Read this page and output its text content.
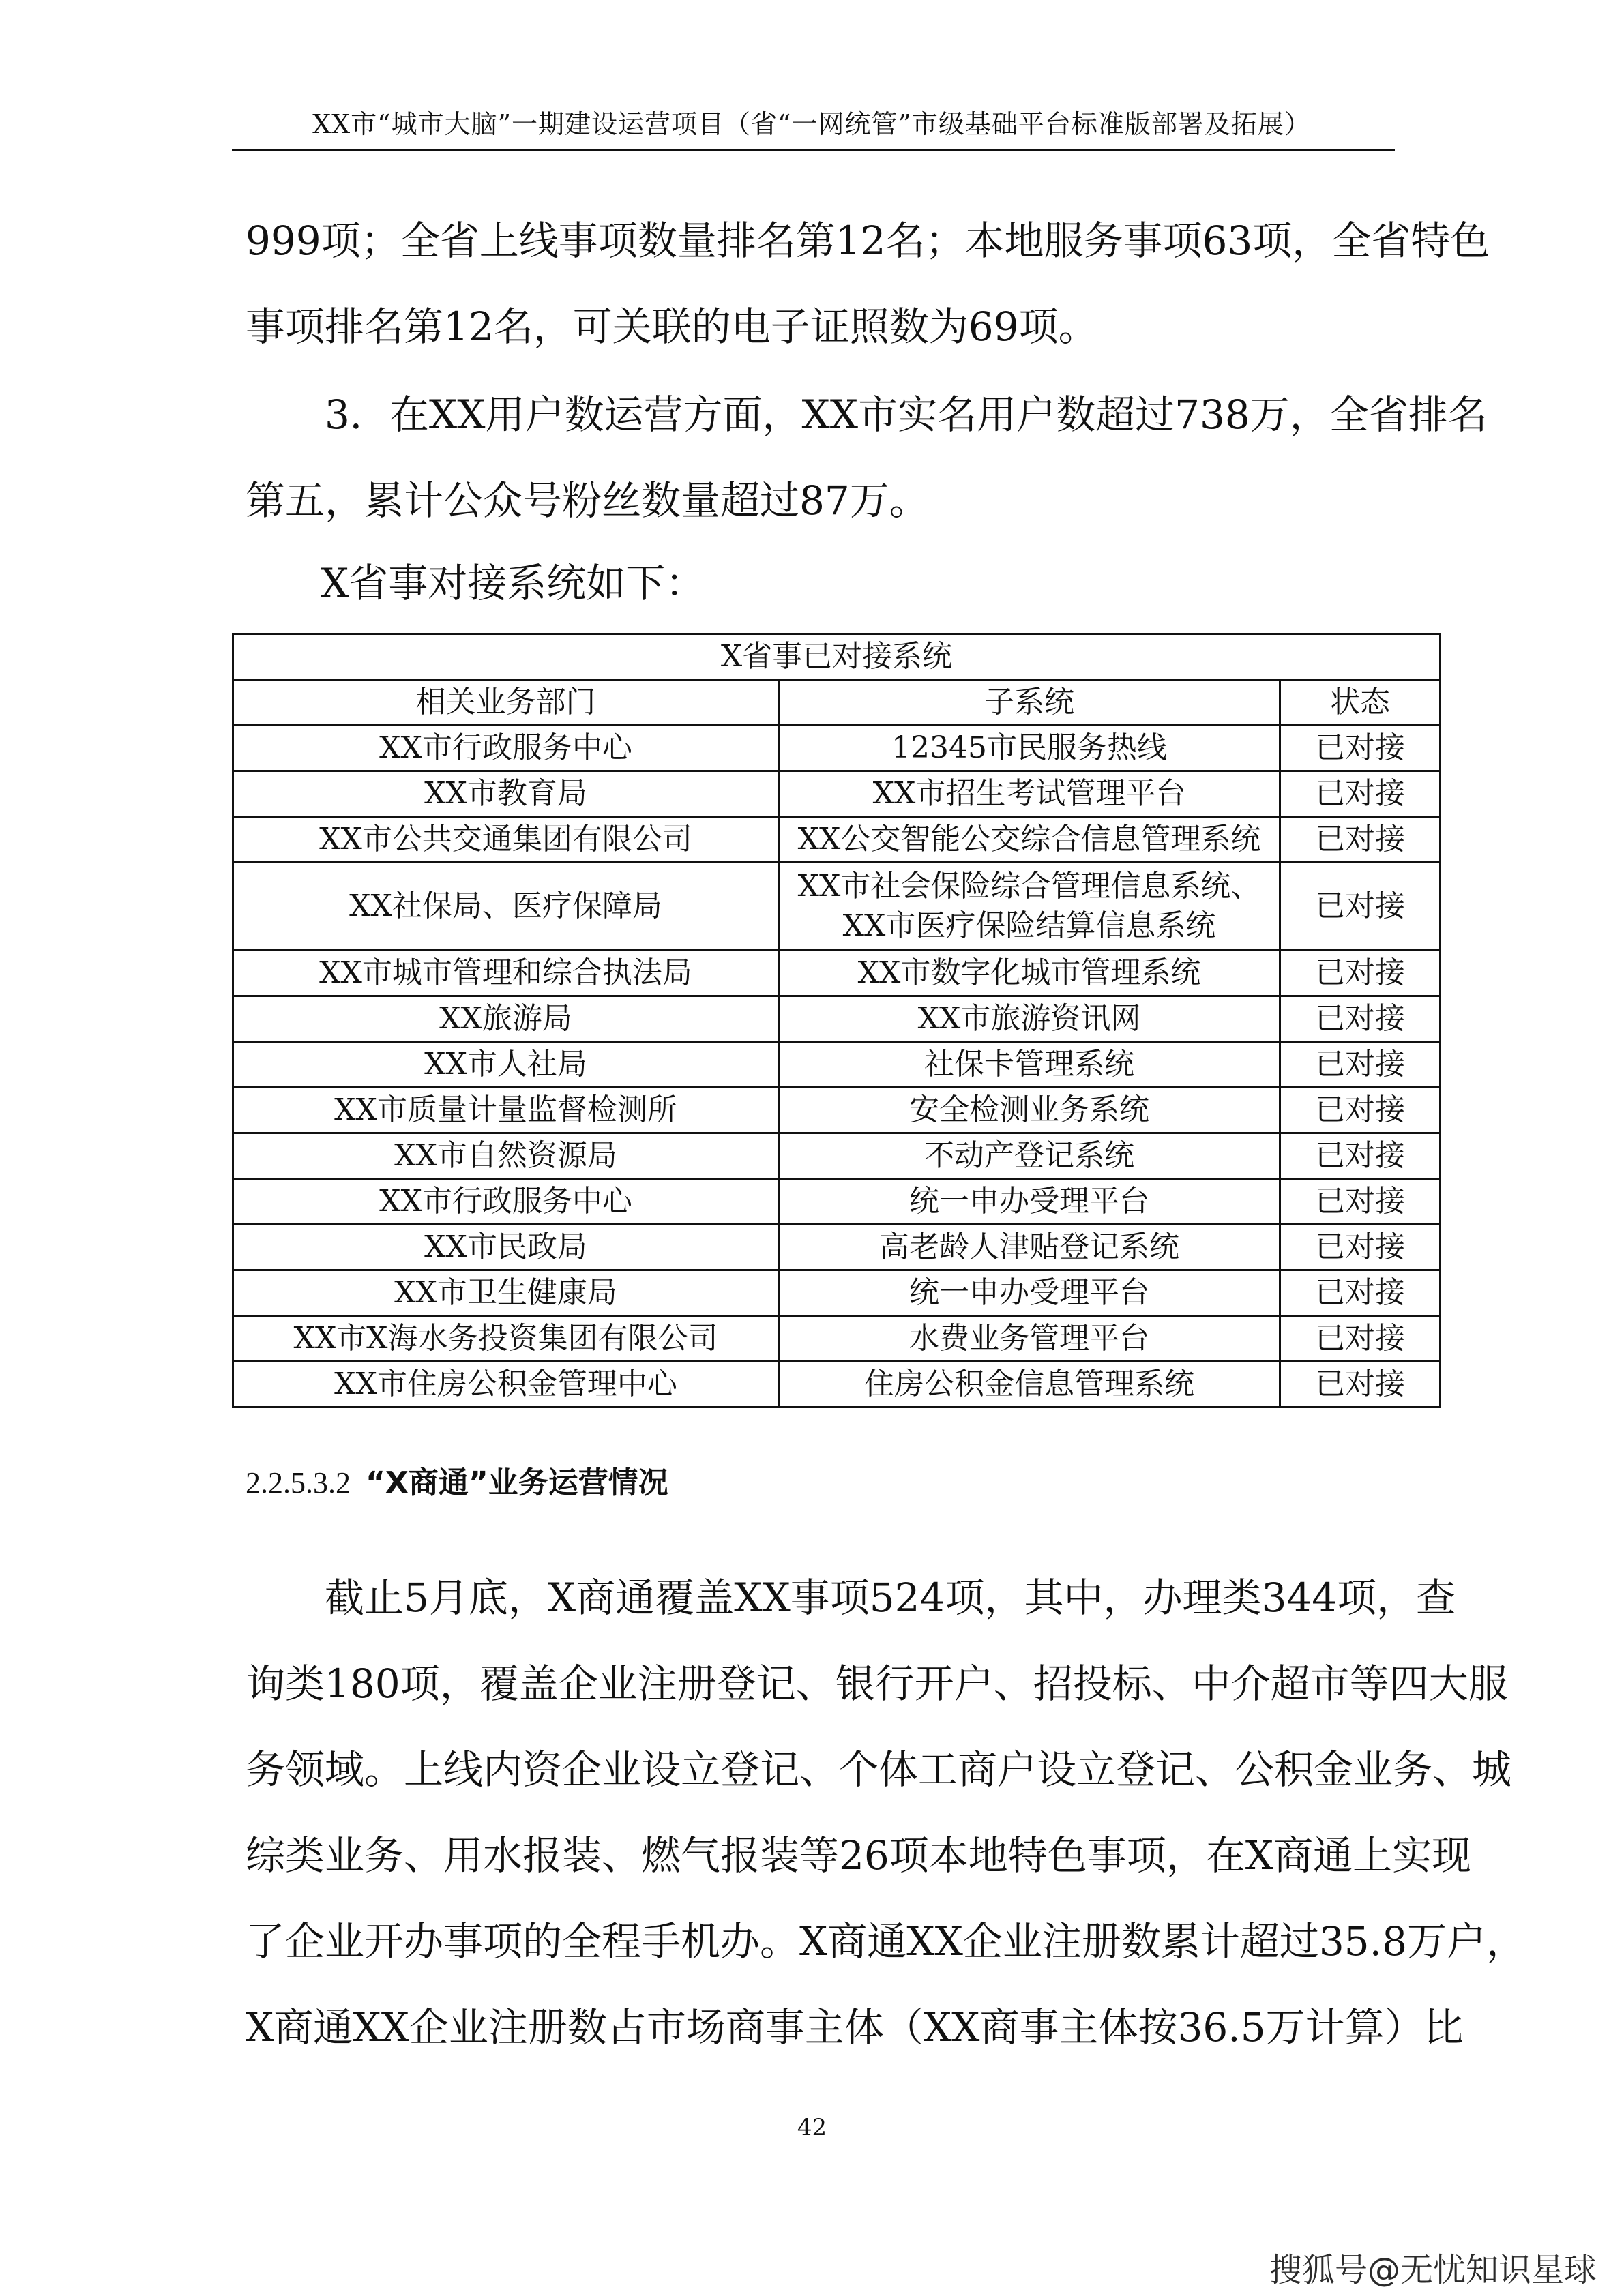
XX市“城市大脑”一期建设运营项目（省“一网统管”市级基础平台标准版部署及拓展）
999项；全省上线事项数量排名第12名；本地服务事项63项，全省特色
事项排名第12名，可关联的电子证照数为69项。
3．在XX用户数运营方面，XX市实名用户数超过738万，全省排名
第五，累计公众号粉丝数量超过87万。
X省事对接系统如下：
X省事已对接系统		
相关业务部门	子系统	状态
XX市行政服务中心	12345市民服务热线	已对接
XX市教育局	XX市招生考试管理平台	已对接
XX市公共交通集团有限公司	XX公交智能公交综合信息管理系统	已对接
XX社保局、医疗保障局	XX市社会保险综合管理信息系统、
XX市医疗保险结算信息系统	已对接
XX市城市管理和综合执法局	XX市数字化城市管理系统	已对接
XX旅游局	XX市旅游资讯网	已对接
XX市人社局	社保卡管理系统	已对接
XX市质量计量监督检测所	安全检测业务系统	已对接
XX市自然资源局	不动产登记系统	已对接
XX市行政服务中心	统一申办受理平台	已对接
XX市民政局	高老龄人津贴登记系统	已对接
XX市卫生健康局	统一申办受理平台	已对接
XX市X海水务投资集团有限公司	水费业务管理平台	已对接
XX市住房公积金管理中心	住房公积金信息管理系统	已对接
2.2.5.3.2 “X商通”业务运营情况
截止5月底，X商通覆盖XX事项524项，其中，办理类344项，查
询类180项，覆盖企业注册登记、银行开户、招投标、中介超市等四大服
务领域。上线内资企业设立登记、个体工商户设立登记、公积金业务、城
综类业务、用水报装、燃气报装等26项本地特色事项，在X商通上实现
了企业开办事项的全程手机办。X商通XX企业注册数累计超过35.8万户，
X商通XX企业注册数占市场商事主体（XX商事主体按36.5万计算）比
42
搜狐号@无忧知识星球
